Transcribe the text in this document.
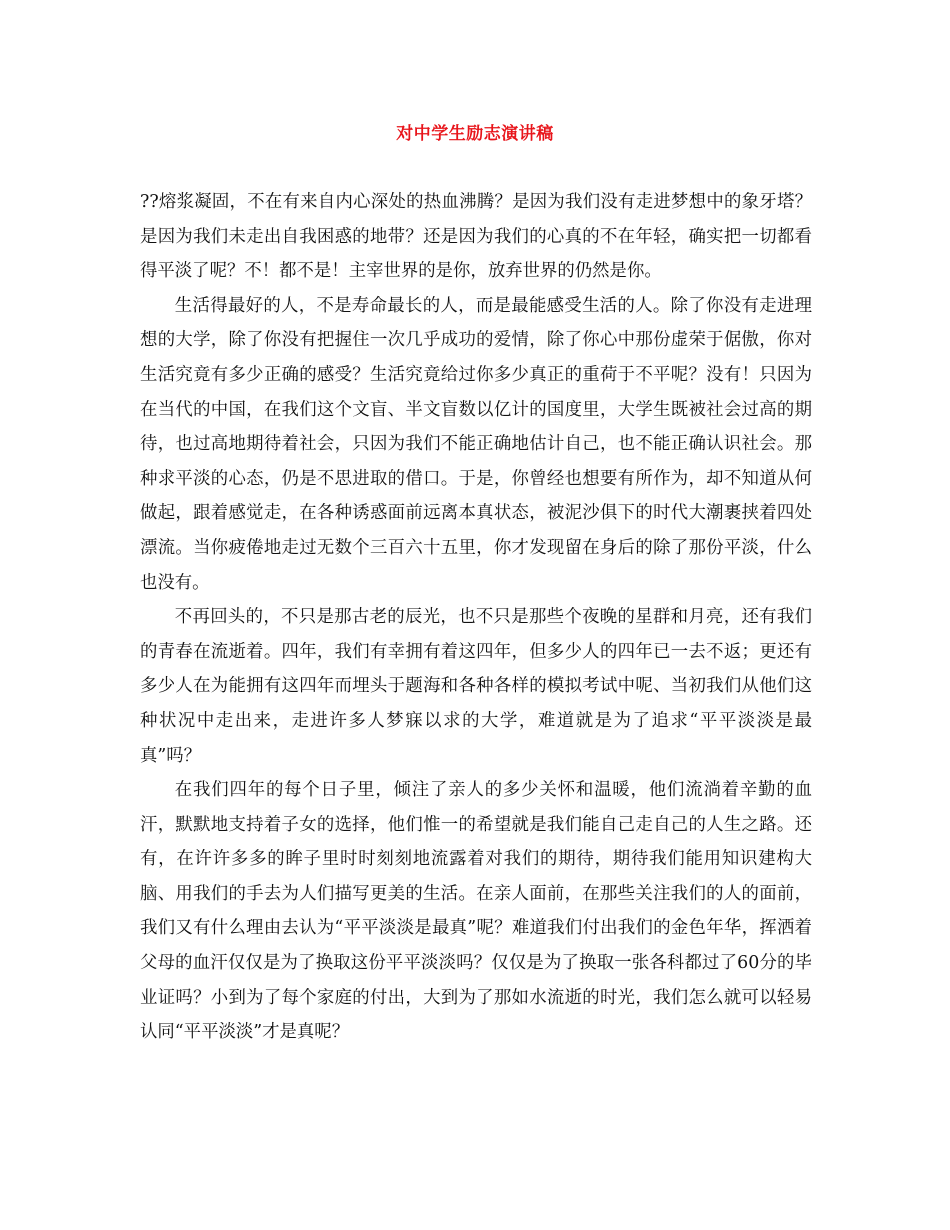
对中学生励志演讲稿

??熔浆凝固，不在有来自内心深处的热血沸腾？是因为我们没有走进梦想中的象牙塔？是因为我们未走出自我困惑的地带？还是因为我们的心真的不在年轻，确实把一切都看得平淡了呢？不！都不是！主宰世界的是你，放弃世界的仍然是你。

生活得最好的人，不是寿命最长的人，而是最能感受生活的人。除了你没有走进理想的大学，除了你没有把握住一次几乎成功的爱情，除了你心中那份虚荣于倨傲，你对生活究竟有多少正确的感受？生活究竟给过你多少真正的重荷于不平呢？没有！只因为在当代的中国，在我们这个文盲、半文盲数以亿计的国度里，大学生既被社会过高的期待，也过高地期待着社会，只因为我们不能正确地估计自己，也不能正确认识社会。那种求平淡的心态，仍是不思进取的借口。于是，你曾经也想要有所作为，却不知道从何做起，跟着感觉走，在各种诱惑面前远离本真状态，被泥沙俱下的时代大潮裹挟着四处漂流。当你疲倦地走过无数个三百六十五里，你才发现留在身后的除了那份平淡，什么也没有。

不再回头的，不只是那古老的辰光，也不只是那些个夜晚的星群和月亮，还有我们的青春在流逝着。四年，我们有幸拥有着这四年，但多少人的四年已一去不返；更还有多少人在为能拥有这四年而埋头于题海和各种各样的模拟考试中呢、当初我们从他们这种状况中走出来，走进许多人梦寐以求的大学，难道就是为了追求“平平淡淡是最真”吗？

在我们四年的每个日子里，倾注了亲人的多少关怀和温暖，他们流淌着辛勤的血汗，默默地支持着子女的选择，他们惟一的希望就是我们能自己走自己的人生之路。还有，在许许多多的眸子里时时刻刻地流露着对我们的期待，期待我们能用知识建构大脑、用我们的手去为人们描写更美的生活。在亲人面前，在那些关注我们的人的面前，我们又有什么理由去认为“平平淡淡是最真”呢？难道我们付出我们的金色年华，挥洒着父母的血汗仅仅是为了换取这份平平淡淡吗？仅仅是为了换取一张各科都过了60分的毕业证吗？小到为了每个家庭的付出，大到为了那如水流逝的时光，我们怎么就可以轻易认同“平平淡淡”才是真呢？
